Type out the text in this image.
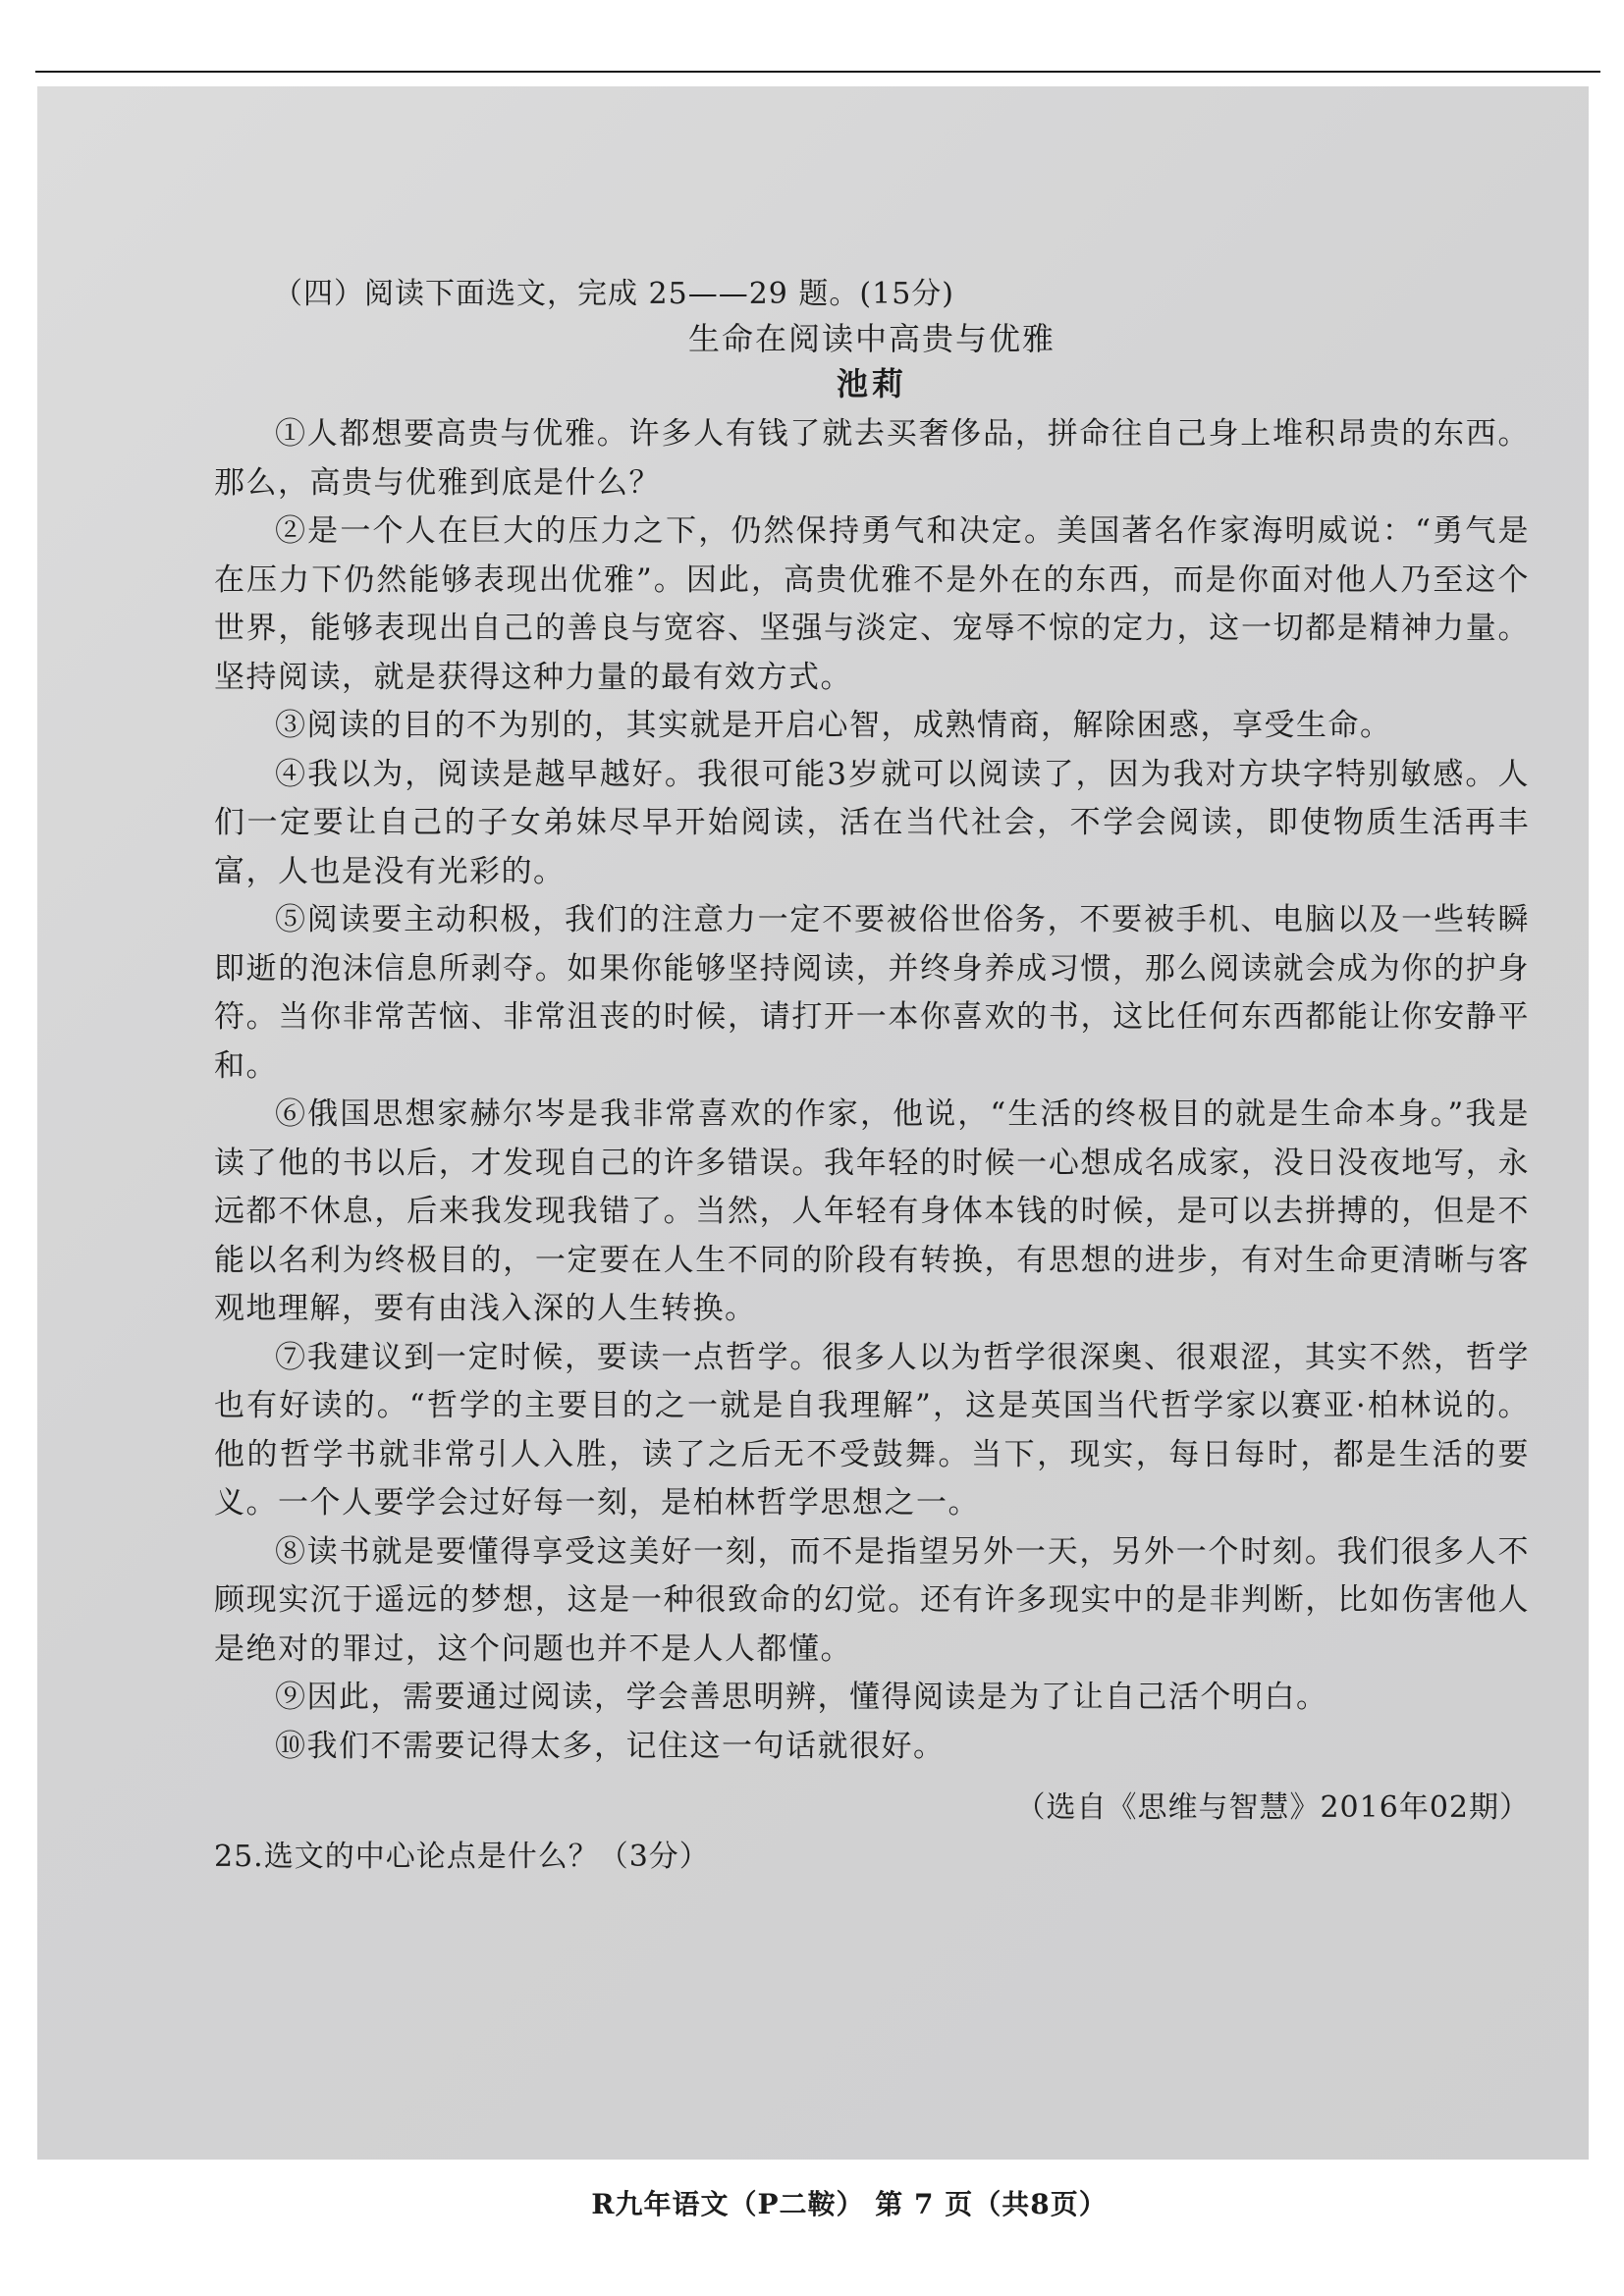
（四）阅读下面选文，完成 25——29 题。(15分)
生命在阅读中高贵与优雅
池莉

①人都想要高贵与优雅。许多人有钱了就去买奢侈品，拼命往自己身上堆积昂贵的东西。那么，高贵与优雅到底是什么？

②是一个人在巨大的压力之下，仍然保持勇气和决定。美国著名作家海明威说：“勇气是在压力下仍然能够表现出优雅”。因此，高贵优雅不是外在的东西，而是你面对他人乃至这个世界，能够表现出自己的善良与宽容、坚强与淡定、宠辱不惊的定力，这一切都是精神力量。坚持阅读，就是获得这种力量的最有效方式。

③阅读的目的不为别的，其实就是开启心智，成熟情商，解除困惑，享受生命。

④我以为，阅读是越早越好。我很可能3岁就可以阅读了，因为我对方块字特别敏感。人们一定要让自己的子女弟妹尽早开始阅读，活在当代社会，不学会阅读，即使物质生活再丰富，人也是没有光彩的。

⑤阅读要主动积极，我们的注意力一定不要被俗世俗务，不要被手机、电脑以及一些转瞬即逝的泡沫信息所剥夺。如果你能够坚持阅读，并终身养成习惯，那么阅读就会成为你的护身符。当你非常苦恼、非常沮丧的时候，请打开一本你喜欢的书，这比任何东西都能让你安静平和。

⑥俄国思想家赫尔岑是我非常喜欢的作家，他说，“生活的终极目的就是生命本身。”我是读了他的书以后，才发现自己的许多错误。我年轻的时候一心想成名成家，没日没夜地写，永远都不休息，后来我发现我错了。当然，人年轻有身体本钱的时候，是可以去拼搏的，但是不能以名利为终极目的，一定要在人生不同的阶段有转换，有思想的进步，有对生命更清晰与客观地理解，要有由浅入深的人生转换。

⑦我建议到一定时候，要读一点哲学。很多人以为哲学很深奥、很艰涩，其实不然，哲学也有好读的。“哲学的主要目的之一就是自我理解”，这是英国当代哲学家以赛亚·柏林说的。他的哲学书就非常引人入胜，读了之后无不受鼓舞。当下，现实，每日每时，都是生活的要义。一个人要学会过好每一刻，是柏林哲学思想之一。

⑧读书就是要懂得享受这美好一刻，而不是指望另外一天，另外一个时刻。我们很多人不顾现实沉于遥远的梦想，这是一种很致命的幻觉。还有许多现实中的是非判断，比如伤害他人是绝对的罪过，这个问题也并不是人人都懂。

⑨因此，需要通过阅读，学会善思明辨，懂得阅读是为了让自己活个明白。

⑩我们不需要记得太多，记住这一句话就很好。

（选自《思维与智慧》2016年02期）
25.选文的中心论点是什么？（3分）
R九年语文（P二鞍） 第 7 页（共8页）
